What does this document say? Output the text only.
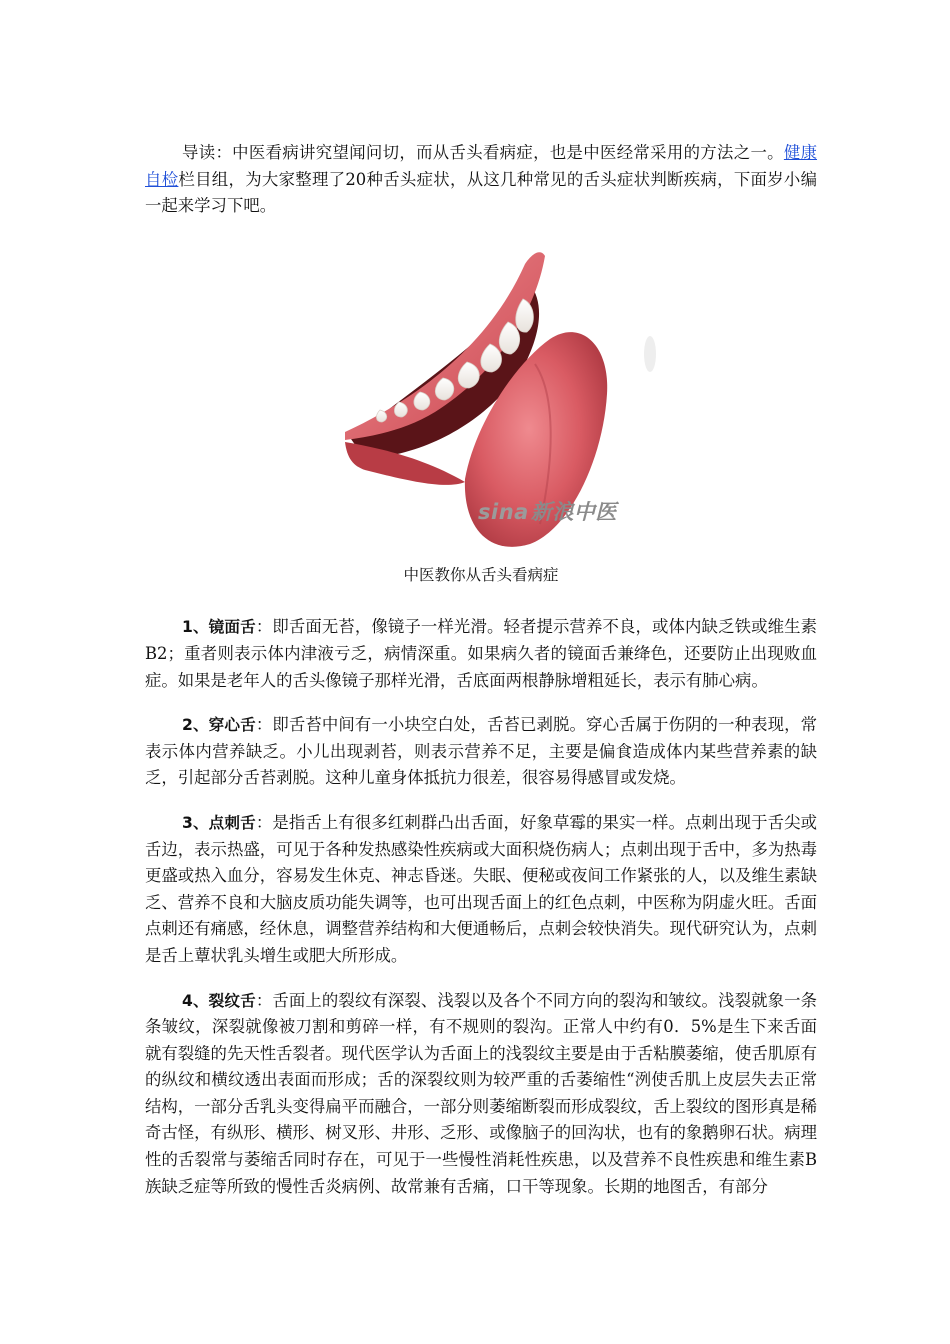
导读：中医看病讲究望闻问切，而从舌头看病症，也是中医经常采用的方法之一。健康自检栏目组，为大家整理了20种舌头症状，从这几种常见的舌头症状判断疾病，下面岁小编一起来学习下吧。

sina新浪中医

中医教你从舌头看病症

1、镜面舌：即舌面无苔，像镜子一样光滑。轻者提示营养不良，或体内缺乏铁或维生素B2；重者则表示体内津液亏乏，病情深重。如果病久者的镜面舌兼绛色，还要防止出现败血症。如果是老年人的舌头像镜子那样光滑，舌底面两根静脉增粗延长，表示有肺心病。

2、穿心舌：即舌苔中间有一小块空白处，舌苔已剥脱。穿心舌属于伤阴的一种表现，常表示体内营养缺乏。小儿出现剥苔，则表示营养不足，主要是偏食造成体内某些营养素的缺乏，引起部分舌苔剥脱。这种儿童身体抵抗力很差，很容易得感冒或发烧。

3、点刺舌：是指舌上有很多红刺群凸出舌面，好象草霉的果实一样。点刺出现于舌尖或舌边，表示热盛，可见于各种发热感染性疾病或大面积烧伤病人；点刺出现于舌中，多为热毒更盛或热入血分，容易发生休克、神志昏迷。失眠、便秘或夜间工作紧张的人，以及维生素缺乏、营养不良和大脑皮质功能失调等，也可出现舌面上的红色点刺，中医称为阴虚火旺。舌面点刺还有痛感，经休息，调整营养结构和大便通畅后，点刺会较快消失。现代研究认为，点刺是舌上蕈状乳头增生或肥大所形成。

4、裂纹舌：舌面上的裂纹有深裂、浅裂以及各个不同方向的裂沟和皱纹。浅裂就象一条条皱纹，深裂就像被刀割和剪碎一样，有不规则的裂沟。正常人中约有0．5%是生下来舌面就有裂缝的先天性舌裂者。现代医学认为舌面上的浅裂纹主要是由于舌粘膜萎缩，使舌肌原有的纵纹和横纹透出表面而形成；舌的深裂纹则为较严重的舌萎缩性“洌使舌肌上皮层失去正常结构，一部分舌乳头变得扁平而融合，一部分则萎缩断裂而形成裂纹，舌上裂纹的图形真是稀奇古怪，有纵形、横形、树叉形、井形、乏形、或像脑子的回沟状，也有的象鹅卵石状。病理性的舌裂常与萎缩舌同时存在，可见于一些慢性消耗性疾患，以及营养不良性疾患和维生素B族缺乏症等所致的慢性舌炎病例、故常兼有舌痛，口干等现象。长期的地图舌，有部分
